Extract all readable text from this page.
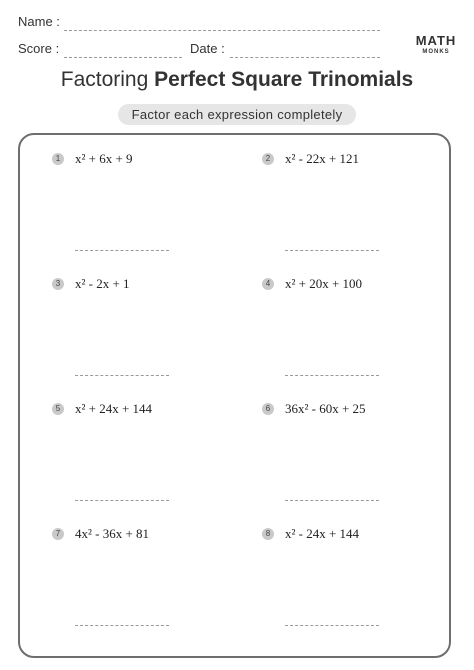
Name :
Score :	Date :
MATH
MONKS
Factoring Perfect Square Trinomials
Factor each expression completely
1 x² + 6x + 9	2 x² - 22x + 121
3 x² - 2x + 1	4 x² + 20x + 100
5 x² + 24x + 144	6 36x² - 60x + 25
7 4x² - 36x + 81	8 x² - 24x + 144
